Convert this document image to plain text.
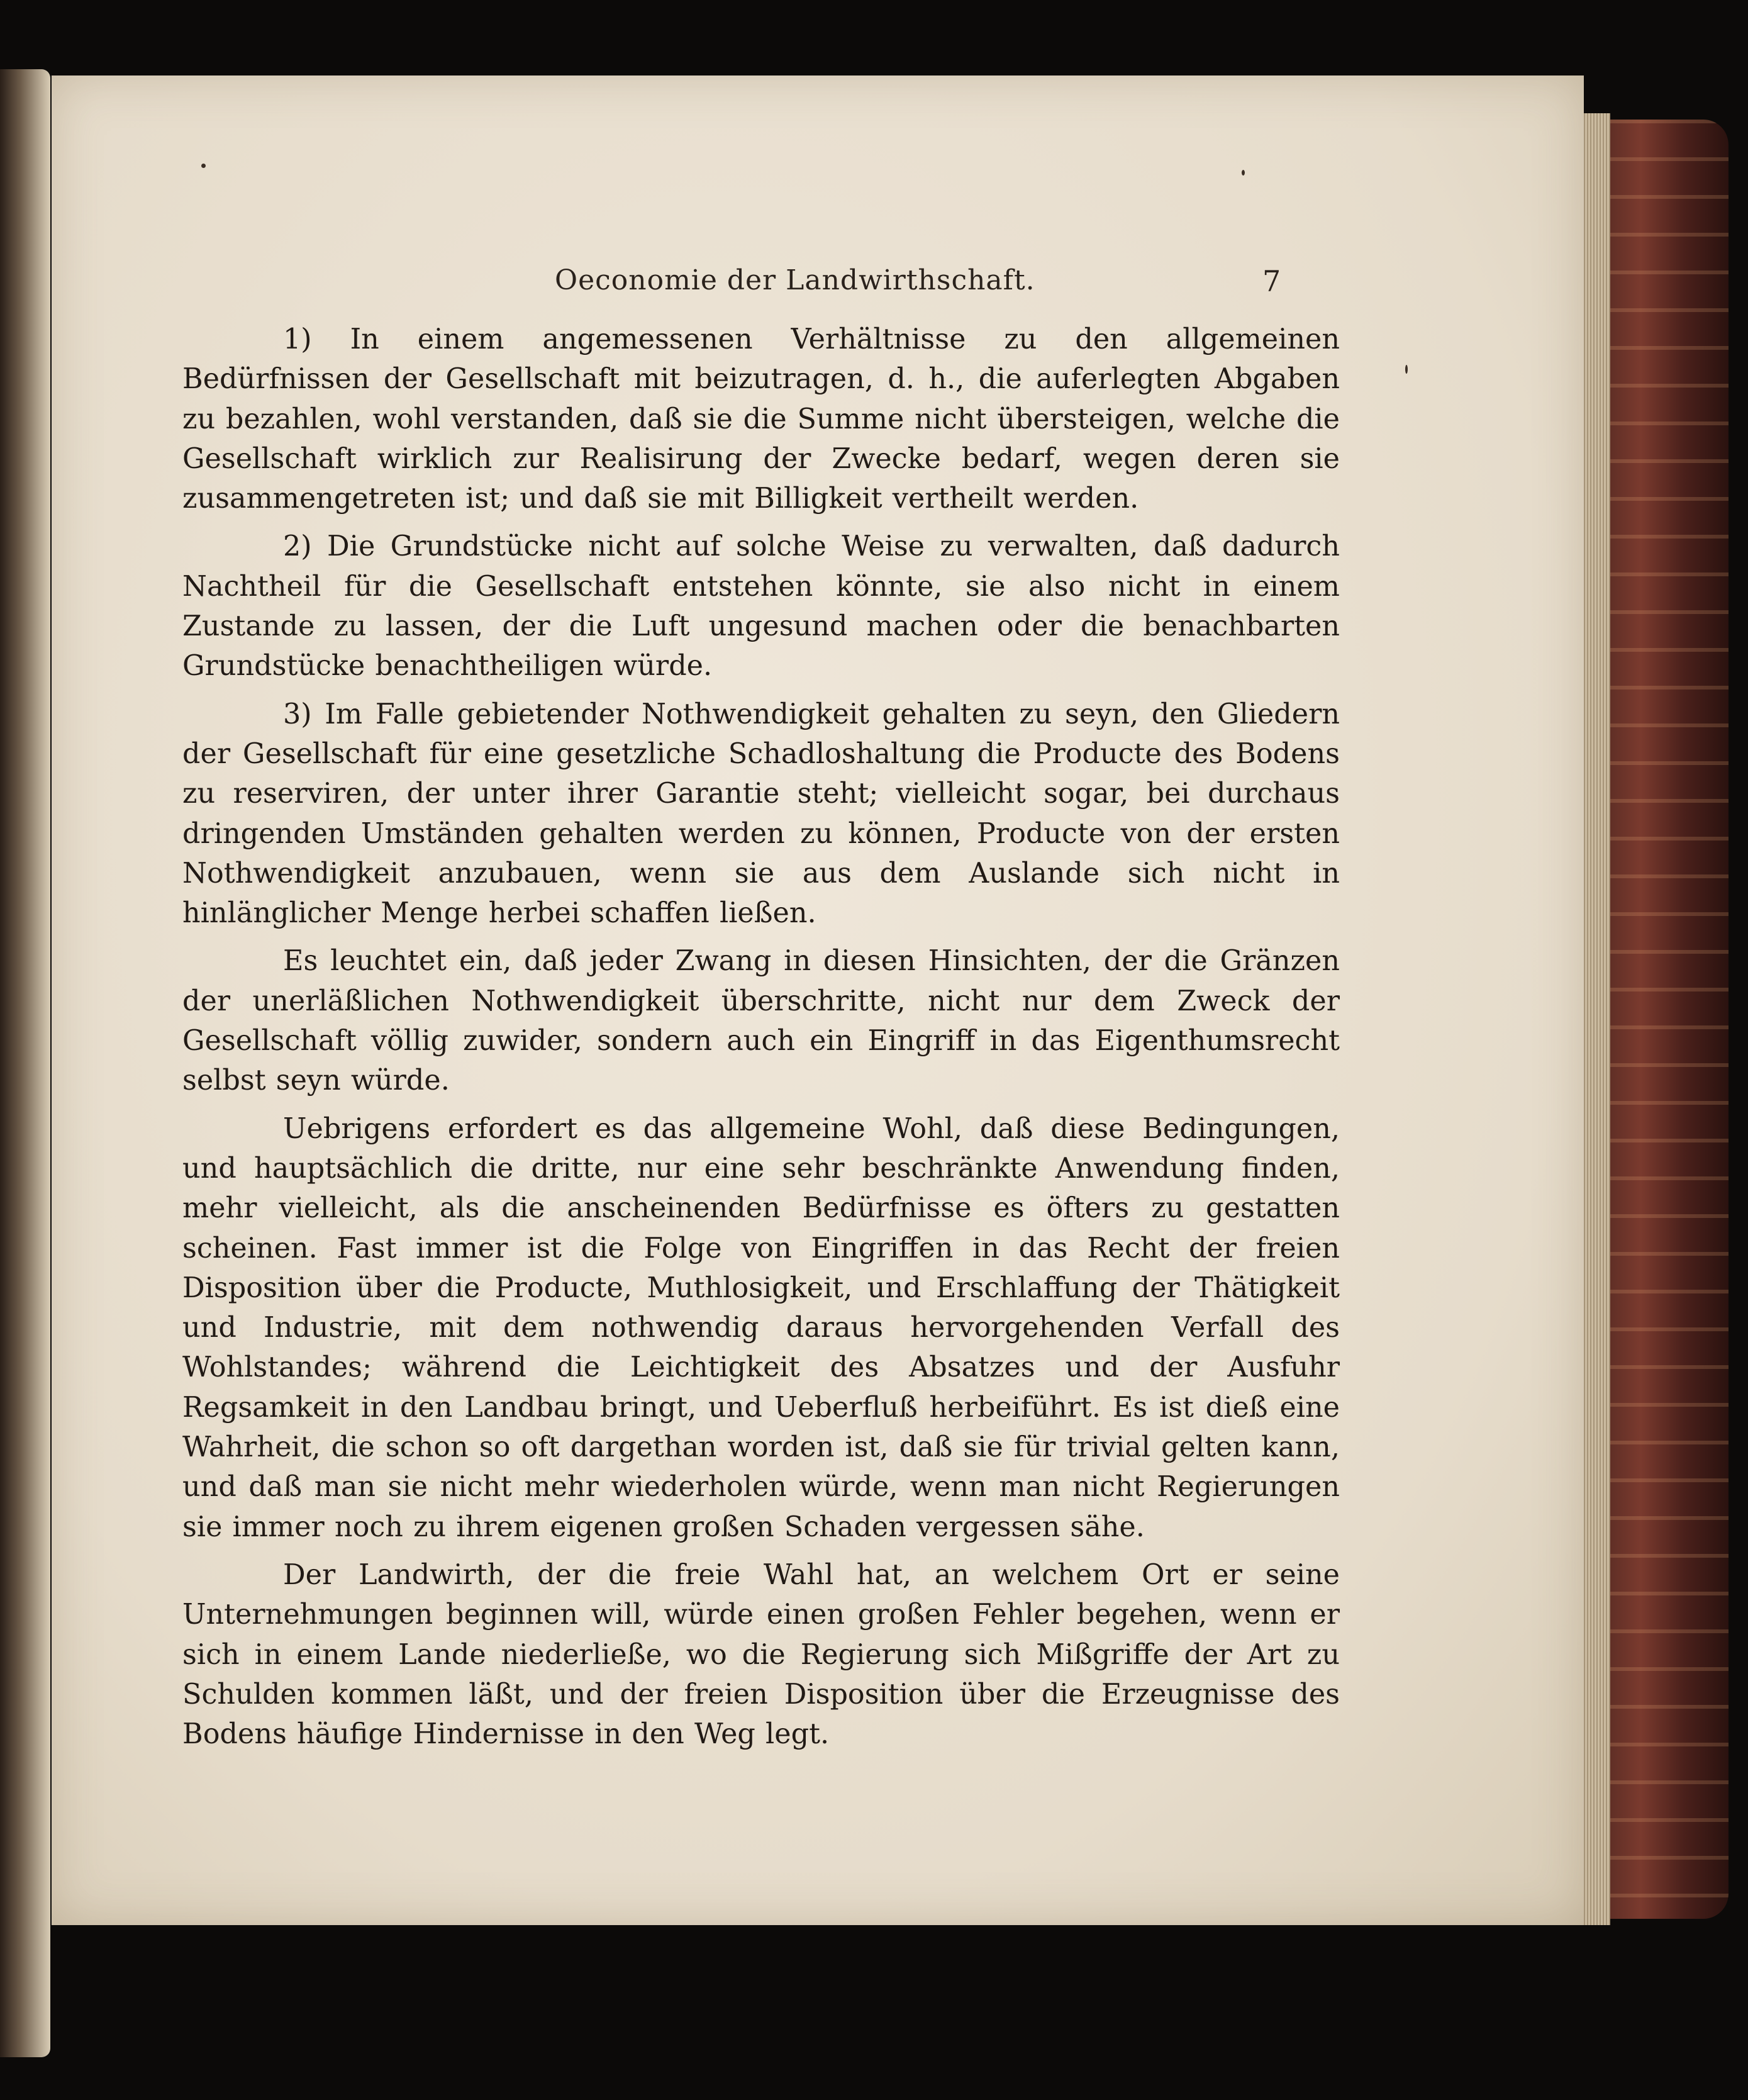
Oeconomie der Landwirthschaft.	7

1) In einem angemessenen Verhältnisse zu den allgemeinen Bedürfnissen der Gesellschaft mit beizutragen, d. h., die auferlegten Abgaben zu bezahlen, wohl verstanden, daß sie die Summe nicht übersteigen, welche die Gesellschaft wirklich zur Realisirung der Zwecke bedarf, wegen deren sie zusammengetreten ist; und daß sie mit Billigkeit vertheilt werden.

2) Die Grundstücke nicht auf solche Weise zu verwalten, daß dadurch Nachtheil für die Gesellschaft entstehen könnte, sie also nicht in einem Zustande zu lassen, der die Luft ungesund machen oder die benachbarten Grundstücke benachtheiligen würde.

3) Im Falle gebietender Nothwendigkeit gehalten zu seyn, den Gliedern der Gesellschaft für eine gesetzliche Schadloshaltung die Producte des Bodens zu reserviren, der unter ihrer Garantie steht; vielleicht sogar, bei durchaus dringenden Umständen gehalten werden zu können, Producte von der ersten Nothwendigkeit anzubauen, wenn sie aus dem Auslande sich nicht in hinlänglicher Menge herbei schaffen ließen.

Es leuchtet ein, daß jeder Zwang in diesen Hinsichten, der die Gränzen der unerläßlichen Nothwendigkeit überschritte, nicht nur dem Zweck der Gesellschaft völlig zuwider, sondern auch ein Eingriff in das Eigenthumsrecht selbst seyn würde.

Uebrigens erfordert es das allgemeine Wohl, daß diese Bedingungen, und hauptsächlich die dritte, nur eine sehr beschränkte Anwendung finden, mehr vielleicht, als die anscheinenden Bedürfnisse es öfters zu gestatten scheinen. Fast immer ist die Folge von Eingriffen in das Recht der freien Disposition über die Producte, Muthlosigkeit, und Erschlaffung der Thätigkeit und Industrie, mit dem nothwendig daraus hervorgehenden Verfall des Wohlstandes; während die Leichtigkeit des Absatzes und der Ausfuhr Regsamkeit in den Landbau bringt, und Ueberfluß herbeiführt. Es ist dieß eine Wahrheit, die schon so oft dargethan worden ist, daß sie für trivial gelten kann, und daß man sie nicht mehr wiederholen würde, wenn man nicht Regierungen sie immer noch zu ihrem eigenen großen Schaden vergessen sähe.

Der Landwirth, der die freie Wahl hat, an welchem Ort er seine Unternehmungen beginnen will, würde einen großen Fehler begehen, wenn er sich in einem Lande niederließe, wo die Regierung sich Mißgriffe der Art zu Schulden kommen läßt, und der freien Disposition über die Erzeugnisse des Bodens häufige Hindernisse in den Weg legt.
